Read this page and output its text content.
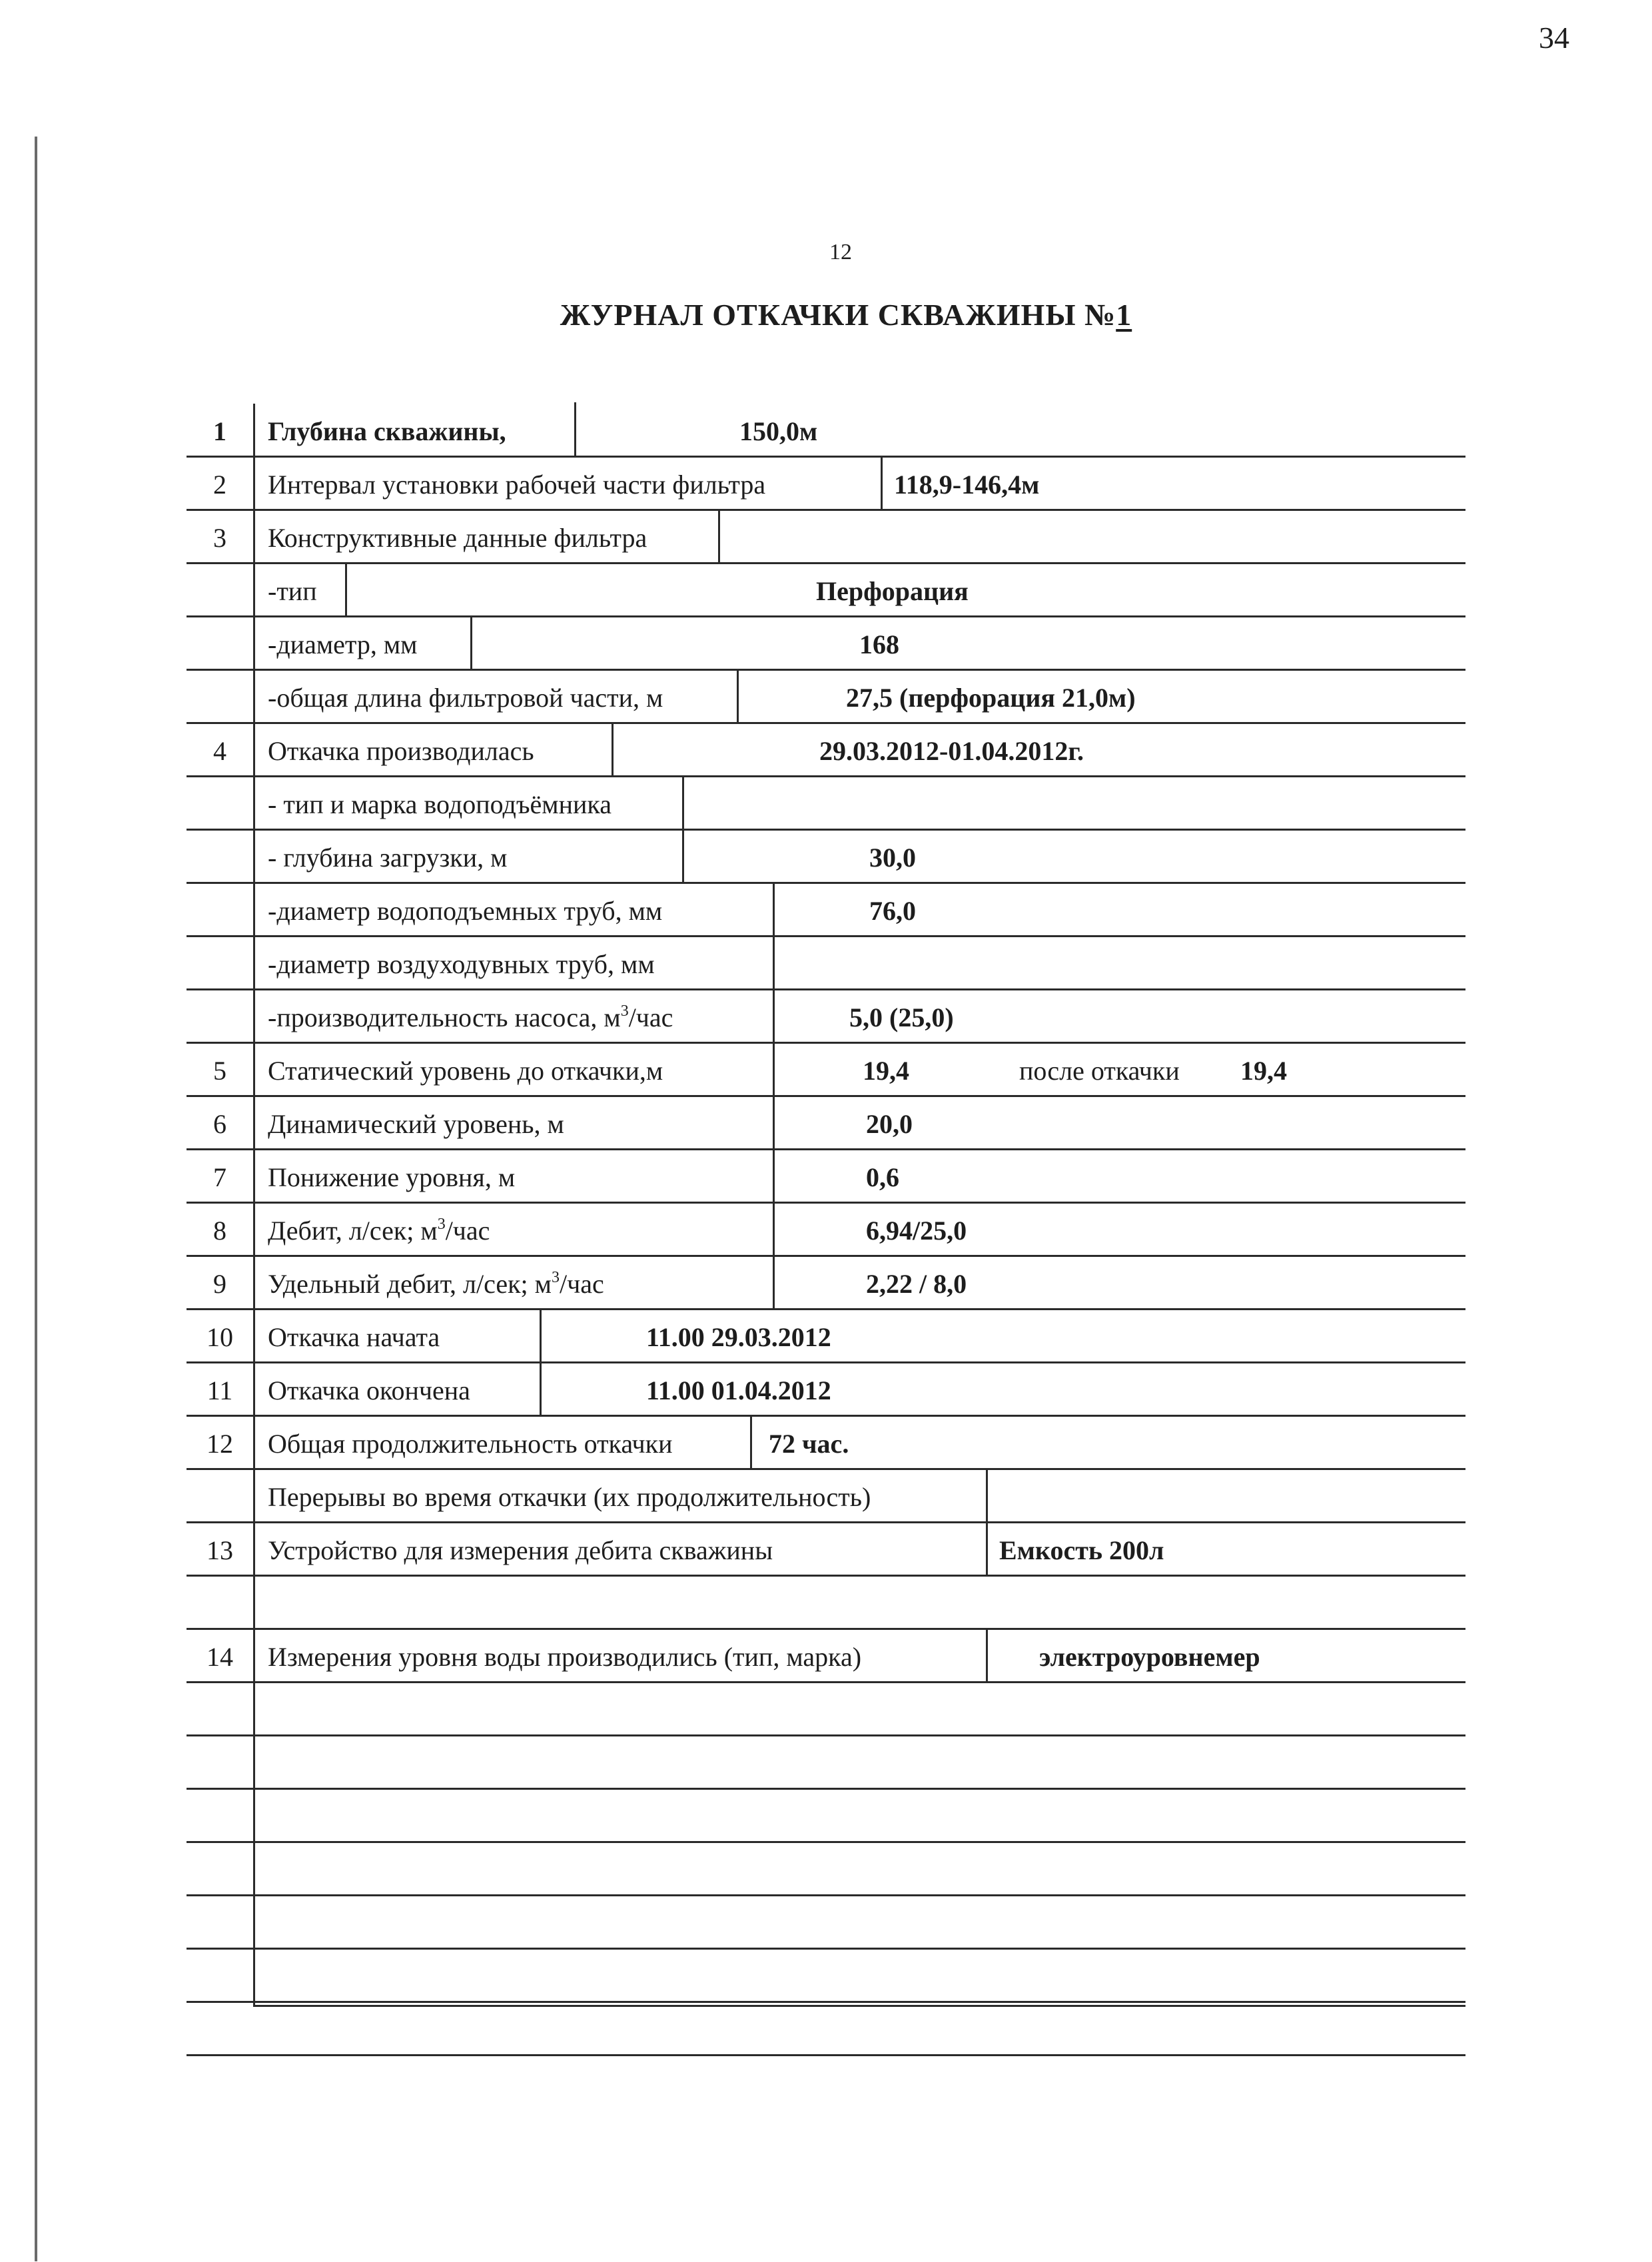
34
12
ЖУРНАЛ ОТКАЧКИ СКВАЖИНЫ №1
1	Глубина скважины,	150,0м
2	Интервал установки рабочей части фильтра	118,9-146,4м
3	Конструктивные данные фильтра
-тип	Перфорация
-диаметр, мм	168
-общая длина фильтровой части, м	27,5 (перфорация 21,0м)
4	Откачка производилась	29.03.2012-01.04.2012г.
- тип и марка водоподъёмника
- глубина загрузки, м	30,0
-диаметр водоподъемных труб, мм	76,0
-диаметр воздуходувных труб, мм
-производительность насоса, $м^3$/час	5,0 (25,0)
5	Статический уровень до откачки,м	19,4	после откачки 19,4
6	Динамический уровень, м	20,0
7	Понижение уровня, м	0,6
8	Дебит, л/сек; $м^3$/час	6,94/25,0
9	Удельный дебит, л/сек; $м^3$/час	2,22 / 8,0
10	Откачка начата	11.00 29.03.2012
11	Откачка окончена	11.00 01.04.2012
12	Общая продолжительность откачки	72 час.
Перерывы во время откачки (их продолжительность)
13	Устройство для измерения дебита скважины	Емкость 200л
14	Измерения уровня воды производились (тип, марка)	электроуровнемер
